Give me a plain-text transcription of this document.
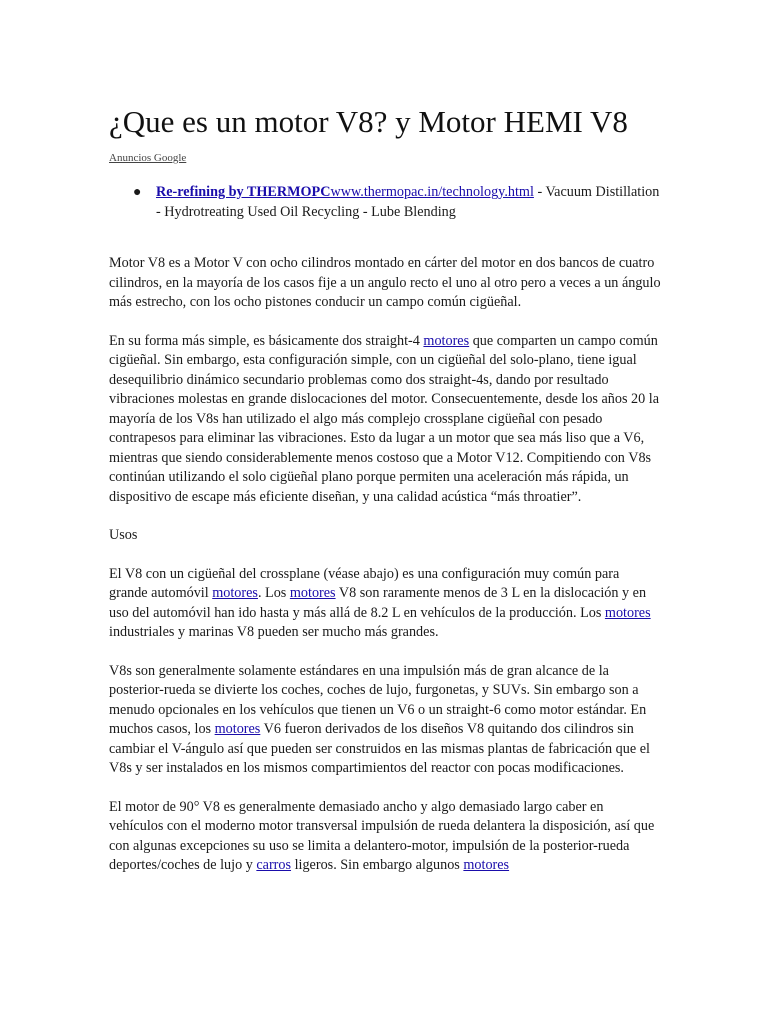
¿Que es un motor V8? y Motor HEMI V8
Anuncios Google
● Re-refining by THERMOPCwww.thermopac.in/technology.html - Vacuum Distillation - Hydrotreating Used Oil Recycling - Lube Blending

Motor V8 es a Motor V con ocho cilindros montado en cárter del motor en dos bancos de cuatro cilindros, en la mayoría de los casos fije a un angulo recto el uno al otro pero a veces a un ángulo más estrecho, con los ocho pistones conducir un campo común cigüeñal.

En su forma más simple, es básicamente dos straight-4 motores que comparten un campo común cigüeñal. Sin embargo, esta configuración simple, con un cigüeñal del solo-plano, tiene igual desequilibrio dinámico secundario problemas como dos straight-4s, dando por resultado vibraciones molestas en grande dislocaciones del motor. Consecuentemente, desde los años 20 la mayoría de los V8s han utilizado el algo más complejo crossplane cigüeñal con pesado contrapesos para eliminar las vibraciones. Esto da lugar a un motor que sea más liso que a V6, mientras que siendo considerablemente menos costoso que a Motor V12. Compitiendo con V8s continúan utilizando el solo cigüeñal plano porque permiten una aceleración más rápida, un dispositivo de escape más eficiente diseñan, y una calidad acústica “más throatier”.

Usos

El V8 con un cigüeñal del crossplane (véase abajo) es una configuración muy común para grande automóvil motores. Los motores V8 son raramente menos de 3 L en la dislocación y en uso del automóvil han ido hasta y más allá de 8.2 L en vehículos de la producción. Los motores industriales y marinas V8 pueden ser mucho más grandes.

V8s son generalmente solamente estándares en una impulsión más de gran alcance de la posterior-rueda se divierte los coches, coches de lujo, furgonetas, y SUVs. Sin embargo son a menudo opcionales en los vehículos que tienen un V6 o un straight-6 como motor estándar. En muchos casos, los motores V6 fueron derivados de los diseños V8 quitando dos cilindros sin cambiar el V-ángulo así que pueden ser construidos en las mismas plantas de fabricación que el V8s y ser instalados en los mismos compartimientos del reactor con pocas modificaciones.

El motor de 90° V8 es generalmente demasiado ancho y algo demasiado largo caber en vehículos con el moderno motor transversal impulsión de rueda delantera la disposición, así que con algunas excepciones su uso se limita a delantero-motor, impulsión de la posterior-rueda deportes/coches de lujo y carros ligeros. Sin embargo algunos motores
